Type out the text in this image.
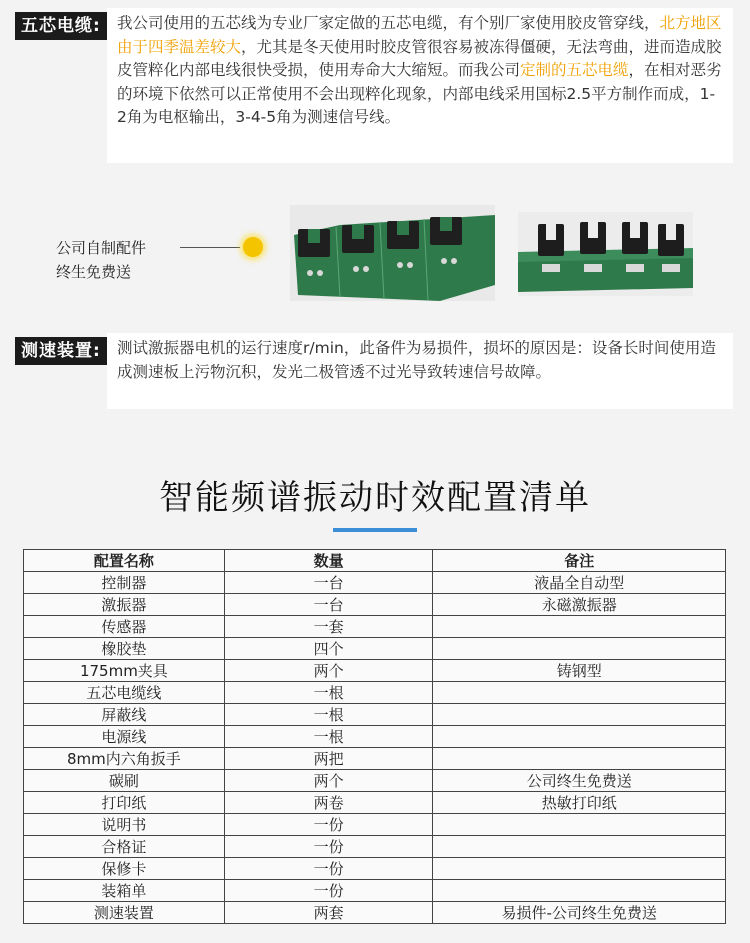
五芯电缆:	我公司使用的五芯线为专业厂家定做的五芯电缆，有个别厂家使用胶皮管穿线，北方地区由于四季温差较大，尤其是冬天使用时胶皮管很容易被冻得僵硬，无法弯曲，进而造成胶皮管粹化内部电线很快受损，使用寿命大大缩短。而我公司定制的五芯电缆，在相对恶劣的环境下依然可以正常使用不会出现粹化现象，内部电线采用国标2.5平方制作而成，1-2角为电枢输出，3-4-5角为测速信号线。
公司自制配件
终生免费送
测速装置:	测试激振器电机的运行速度r/min，此备件为易损件，损坏的原因是：设备长时间使用造成测速板上污物沉积，发光二极管透不过光导致转速信号故障。
智能频谱振动时效配置清单
配置名称	数量	备注
控制器	一台	液晶全自动型
激振器	一台	永磁激振器
传感器	一套	
橡胶垫	四个	
175mm夹具	两个	铸钢型
五芯电缆线	一根	
屏蔽线	一根	
电源线	一根	
8mm内六角扳手	两把	
碳刷	两个	公司终生免费送
打印纸	两卷	热敏打印纸
说明书	一份	
合格证	一份	
保修卡	一份	
装箱单	一份	
测速装置	两套	易损件-公司终生免费送
